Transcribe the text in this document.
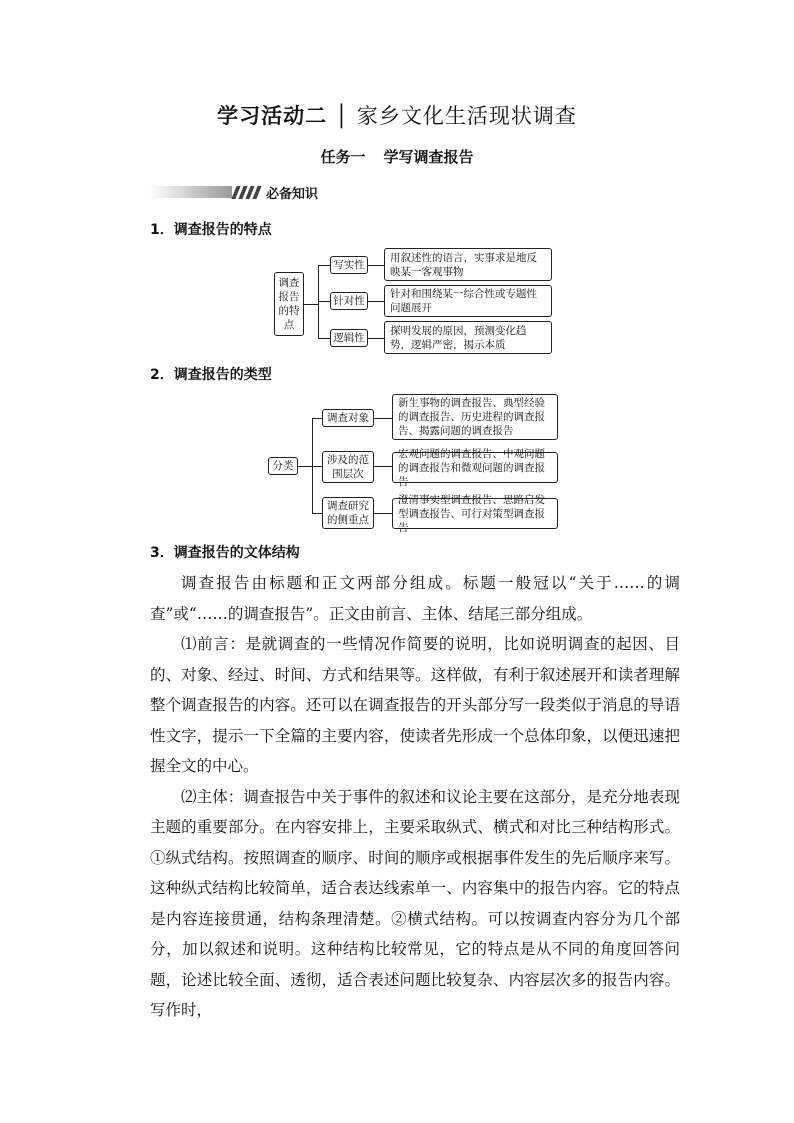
学习活动二 │ 家乡文化生活现状调查
任务一 学写调查报告
必备知识
1．调查报告的特点
调查报告的特点
写实性
针对性
逻辑性
用叙述性的语言，实事求是地反映某一客观事物
针对和围绕某一综合性或专题性问题展开
探明发展的原因，预测变化趋势，逻辑严密，揭示本质
2．调查报告的类型
分类
调查对象
涉及的范围层次
调查研究的侧重点
新生事物的调查报告、典型经验的调查报告、历史进程的调查报告、揭露问题的调查报告
宏观问题的调查报告、中观问题的调查报告和微观问题的调查报告
澄清事实型调查报告、思路启发型调查报告、可行对策型调查报告
3．调查报告的文体结构

调查报告由标题和正文两部分组成。标题一般冠以“关于……的调查”或“……的调查报告”。正文由前言、主体、结尾三部分组成。

⑴前言：是就调查的一些情况作简要的说明，比如说明调查的起因、目的、对象、经过、时间、方式和结果等。这样做，有利于叙述展开和读者理解整个调查报告的内容。还可以在调查报告的开头部分写一段类似于消息的导语性文字，提示一下全篇的主要内容，使读者先形成一个总体印象，以便迅速把握全文的中心。

⑵主体：调查报告中关于事件的叙述和议论主要在这部分，是充分地表现主题的重要部分。在内容安排上，主要采取纵式、横式和对比三种结构形式。①纵式结构。按照调查的顺序、时间的顺序或根据事件发生的先后顺序来写。这种纵式结构比较简单，适合表达线索单一、内容集中的报告内容。它的特点是内容连接贯通，结构条理清楚。②横式结构。可以按调查内容分为几个部分，加以叙述和说明。这种结构比较常见，它的特点是从不同的角度回答问题，论述比较全面、透彻，适合表述问题比较复杂、内容层次多的报告内容。写作时，
